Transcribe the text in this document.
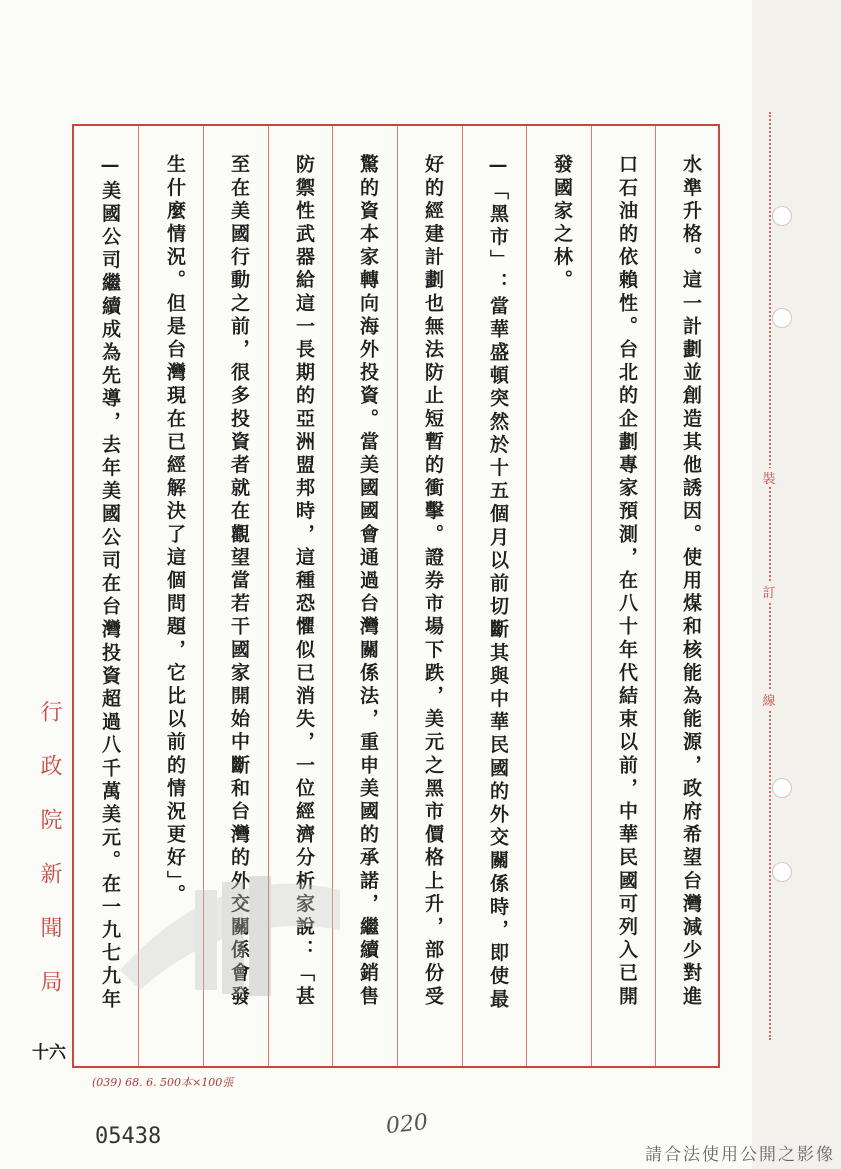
水準升格。這一計劃並創造其他誘因。使用煤和核能為能源，政府希望台灣減少對進
口石油的依賴性。台北的企劃專家預測，在八十年代結束以前，中華民國可列入已開
發國家之林。
—「黑市」：當華盛頓突然於十五個月以前切斷其與中華民國的外交關係時，即使最
好的經建計劃也無法防止短暫的衝擊。證券市場下跌，美元之黑市價格上升，部份受
驚的資本家轉向海外投資。當美國國會通過台灣關係法，重申美國的承諾，繼續銷售
防禦性武器給這一長期的亞洲盟邦時，這種恐懼似已消失，一位經濟分析家說：「甚
至在美國行動之前，很多投資者就在觀望當若干國家開始中斷和台灣的外交關係會發
生什麼情況。但是台灣現在已經解決了這個問題，它比以前的情況更好」。
—美國公司繼續成為先導，去年美國公司在台灣投資超過八千萬美元。在一九七九年
行政院新聞局
十六
(039) 68. 6. 500本×100張
05438	020
裝
訂
線
請合法使用公開之影像
